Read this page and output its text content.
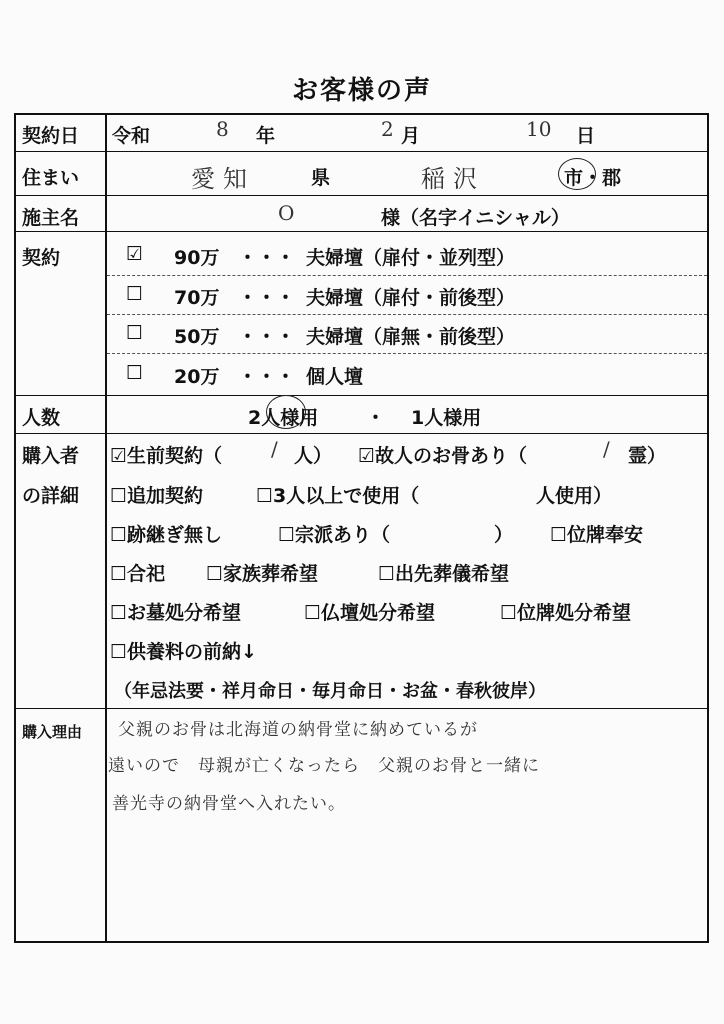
お客様の声
契約日 令和	8 年	2 月	10 日
住まい	愛知	県	稲沢	市・郡
施主名	O	様（名字イニシャル）
契約	☑ 90万 ・・・ 夫婦壇（扉付・並列型）
☐ 70万 ・・・ 夫婦壇（扉付・前後型）
☐ 50万 ・・・ 夫婦壇（扉無・前後型）
☐ 20万 ・・・ 個人壇
人数	2人様用	・ 1人様用
購入者
の詳細
☑生前契約（ / 人） ☑故人のお骨あり（	/ 霊）
☐追加契約	☐3人以上で使用（	人使用）
☐跡継ぎ無し	☐宗派あり（	） ☐位牌奉安
☐合祀 ☐家族葬希望	☐出先葬儀希望
☐お墓処分希望	☐仏壇処分希望	☐位牌処分希望
☐供養料の前納↓
（年忌法要・祥月命日・毎月命日・お盆・春秋彼岸）
購入理由 父親のお骨は北海道の納骨堂に納めているが
遠いので　母親が亡くなったら　父親のお骨と一緒に
善光寺の納骨堂へ入れたい。
